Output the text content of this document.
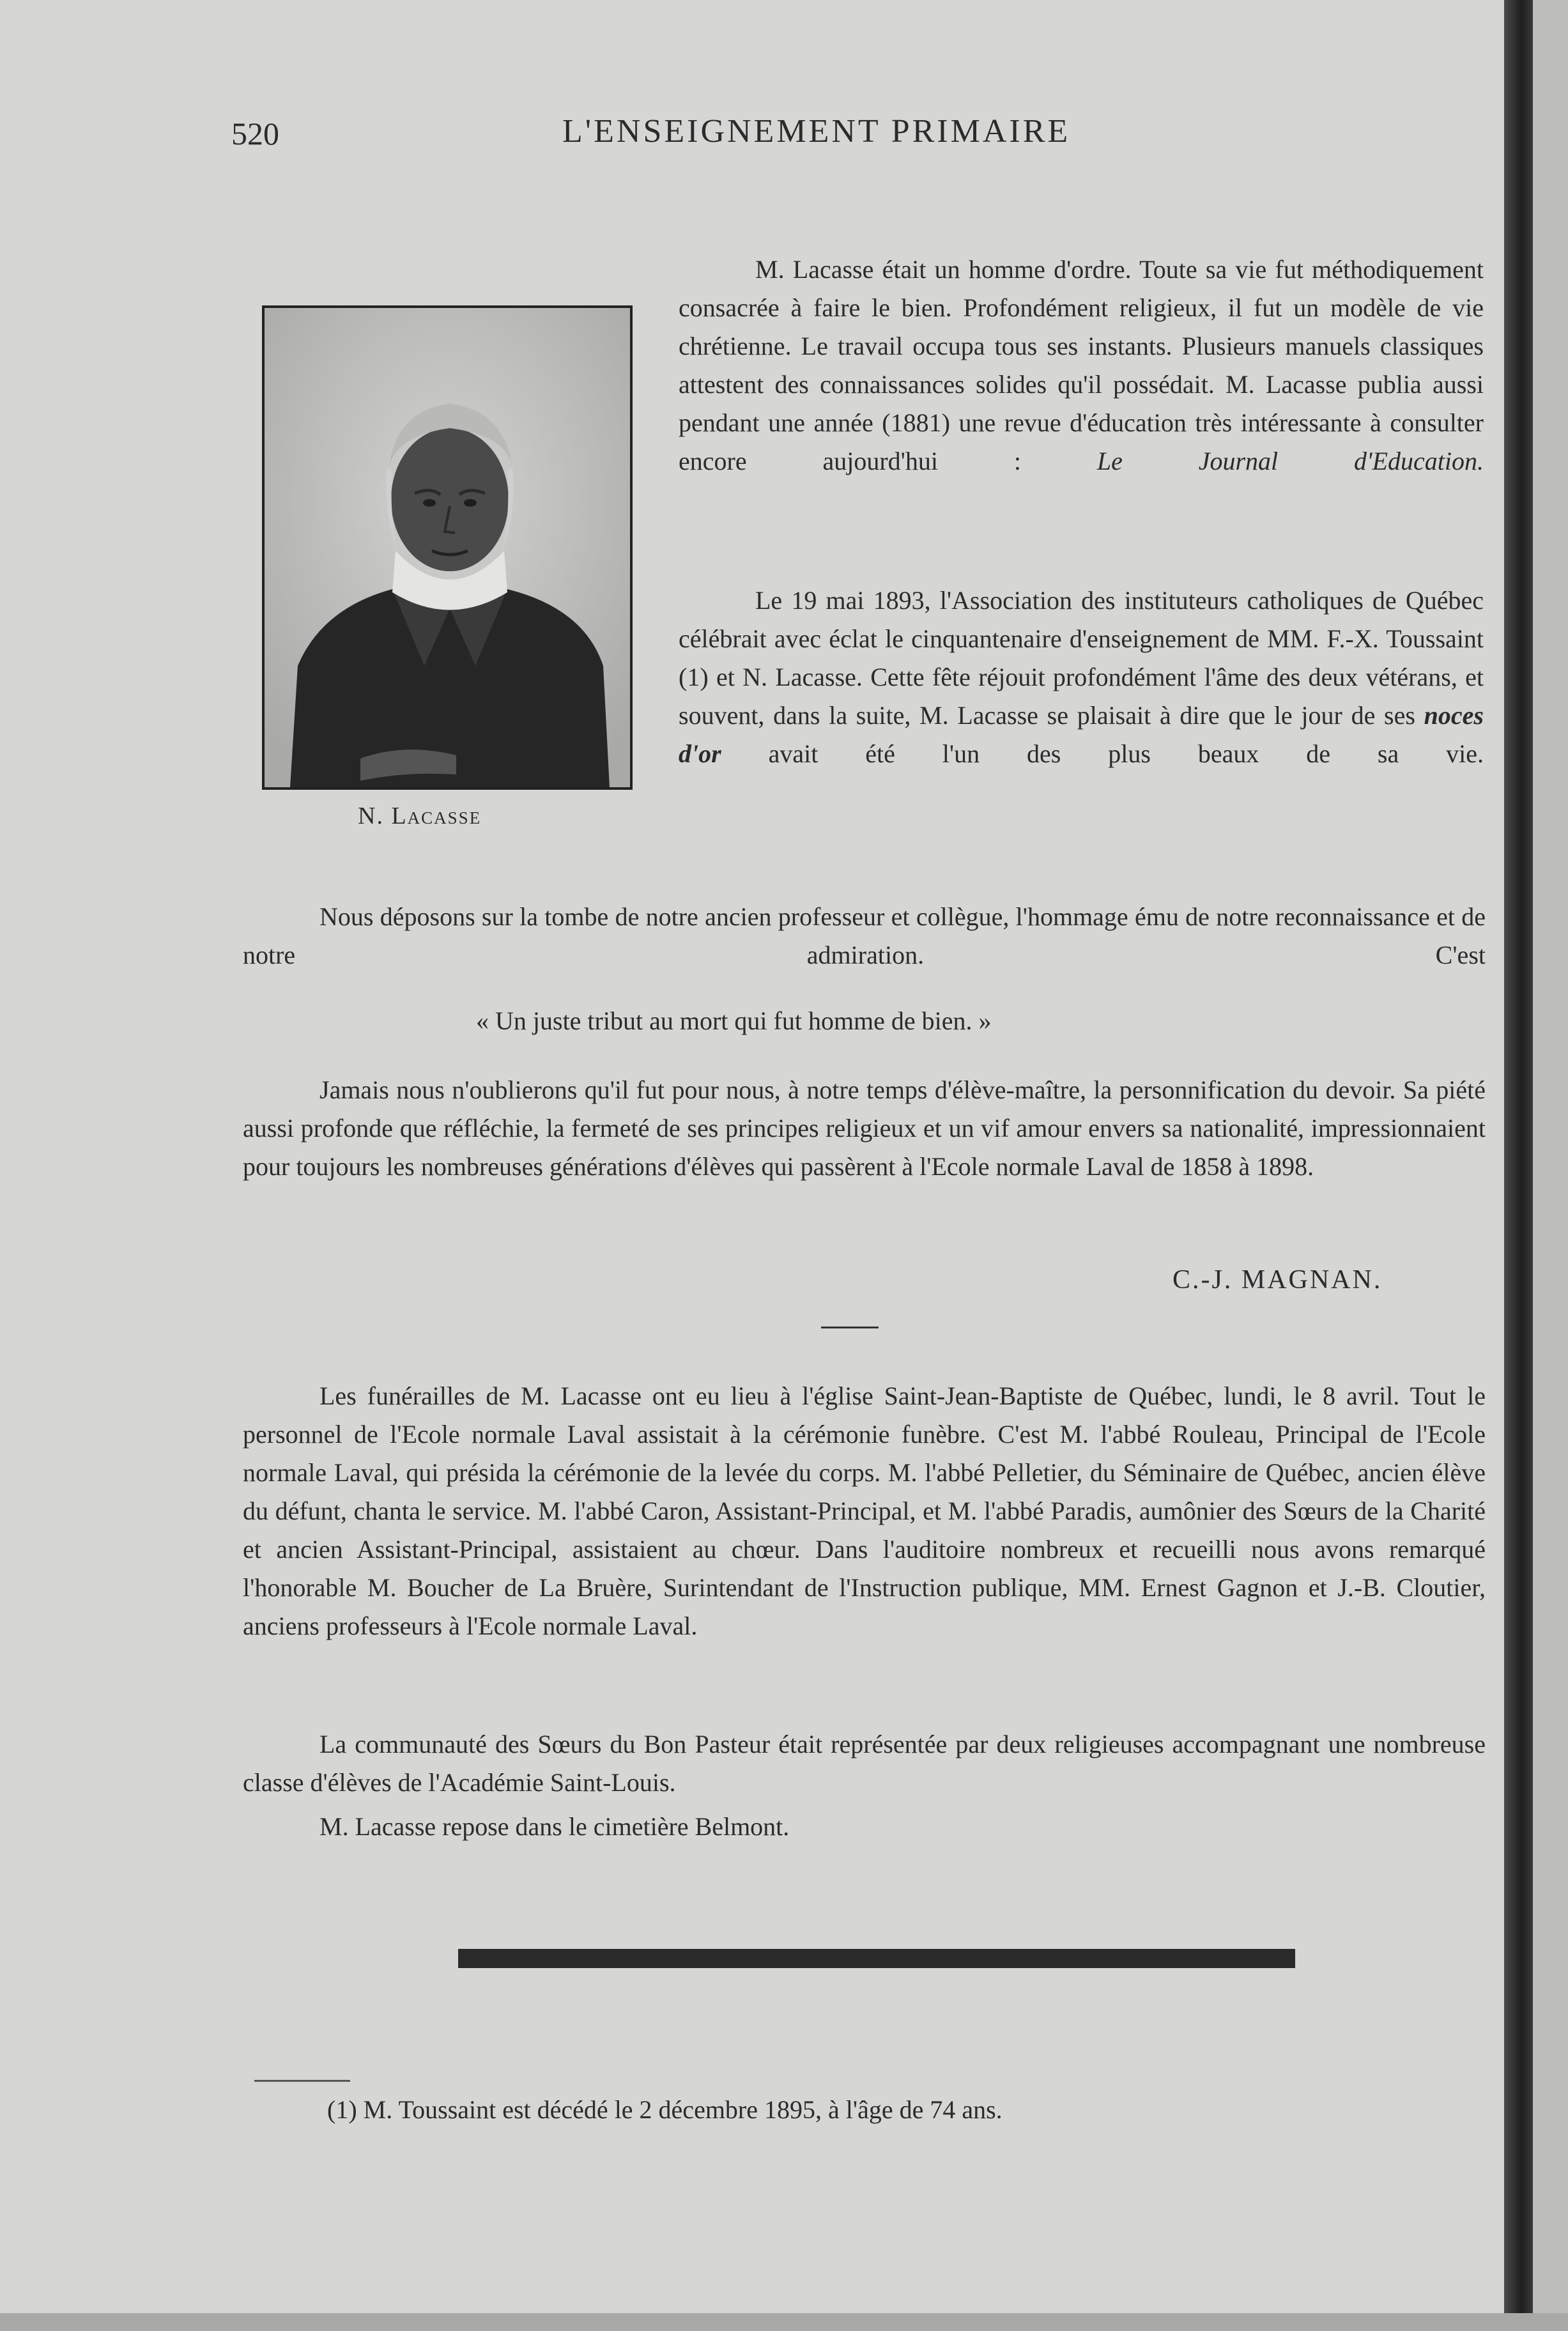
520	L'ENSEIGNEMENT PRIMAIRE

N. Lacasse

M. Lacasse était un homme d'ordre. Toute sa vie fut méthodiquement consacrée à faire le bien. Profondément religieux, il fut un modèle de vie chrétienne. Le travail occupa tous ses instants. Plusieurs manuels classiques attestent des connaissances solides qu'il possédait. M. Lacasse publia aussi pendant une année (1881) une revue d'éducation très intéressante à consulter encore aujourd'hui :	Le Journal d'Education.

Le 19 mai 1893, l'Association des instituteurs catholiques de Québec célébrait avec éclat le cinquantenaire d'enseignement de MM. F.-X. Toussaint (1) et N. Lacasse. Cette fête réjouit profondément l'âme des deux vétérans, et souvent, dans la suite, M. Lacasse se plaisait à dire que le jour de ses noces d'or avait été l'un des plus beaux de sa vie.

Nous déposons sur la tombe de notre ancien professeur et collègue, l'hommage ému de notre reconnaissance et de notre admiration. C'est

« Un juste tribut au mort qui fut homme de bien. »

Jamais nous n'oublierons qu'il fut pour nous, à notre temps d'élève-maître, la personnification du devoir. Sa piété aussi profonde que réfléchie, la fermeté de ses principes religieux et un vif amour envers sa nationalité, impressionnaient pour toujours les nombreuses générations d'élèves qui passèrent à l'Ecole normale Laval de 1858 à 1898.

C.-J. MAGNAN.

Les funérailles de M. Lacasse ont eu lieu à l'église Saint-Jean-Baptiste de Québec, lundi, le 8 avril. Tout le personnel de l'Ecole normale Laval assistait à la cérémonie funèbre. C'est M. l'abbé Rouleau, Principal de l'Ecole normale Laval, qui présida la cérémonie de la levée du corps. M. l'abbé Pelletier, du Séminaire de Québec, ancien élève du défunt, chanta le service. M. l'abbé Caron, Assistant-Principal, et M. l'abbé Paradis, aumônier des Sœurs de la Charité et ancien Assistant-Principal, assistaient au chœur. Dans l'auditoire nombreux et recueilli nous avons remarqué l'honorable M. Boucher de La Bruère, Surintendant de l'Instruction publique, MM. Ernest Gagnon et J.-B. Cloutier, anciens professeurs à l'Ecole normale Laval.

La communauté des Sœurs du Bon Pasteur était représentée par deux religieuses accompagnant une nombreuse classe d'élèves de l'Académie Saint-Louis.

M. Lacasse repose dans le cimetière Belmont.

(1) M. Toussaint est décédé le 2 décembre 1895, à l'âge de 74 ans.
